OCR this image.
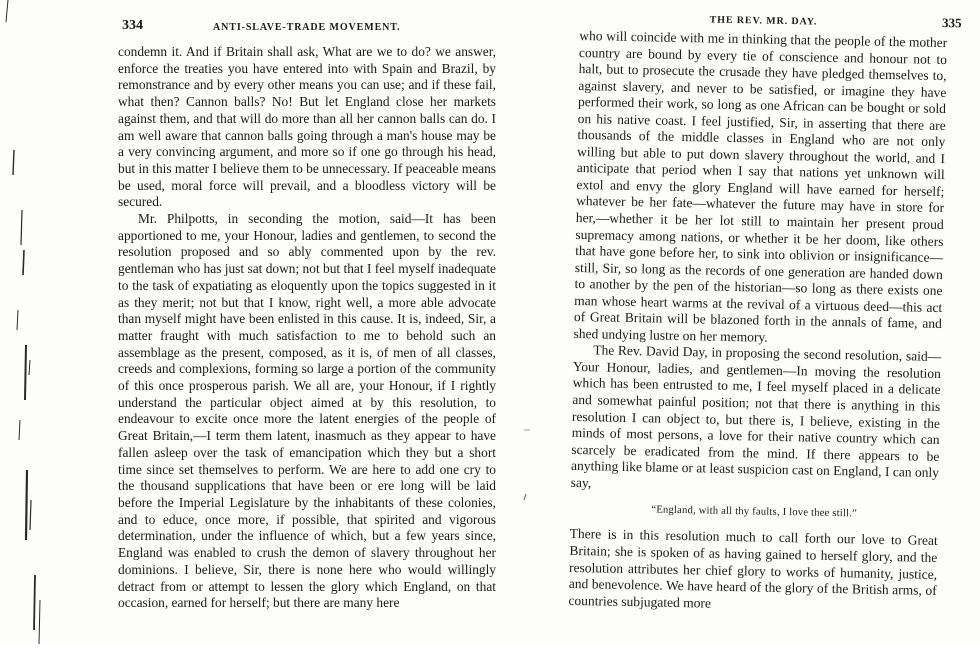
334	ANTI-SLAVE-TRADE MOVEMENT.

condemn it. And if Britain shall ask, What are we to do? we answer, enforce the treaties you have entered into with Spain and Brazil, by remonstrance and by every other means you can use; and if these fail, what then? Cannon balls? No! But let England close her markets against them, and that will do more than all her cannon balls can do. I am well aware that cannon balls going through a man's house may be a very convincing argument, and more so if one go through his head, but in this matter I believe them to be unnecessary. If peaceable means be used, moral force will prevail, and a bloodless victory will be secured.

Mr. Philpotts, in seconding the motion, said—It has been apportioned to me, your Honour, ladies and gentlemen, to second the resolution proposed and so ably commented upon by the rev. gentleman who has just sat down; not but that I feel myself inadequate to the task of expatiating as eloquently upon the topics suggested in it as they merit; not but that I know, right well, a more able advocate than myself might have been enlisted in this cause. It is, indeed, Sir, a matter fraught with much satisfaction to me to behold such an assemblage as the present, composed, as it is, of men of all classes, creeds and complexions, forming so large a portion of the community of this once prosperous parish. We all are, your Honour, if I rightly understand the particular object aimed at by this resolution, to endeavour to excite once more the latent energies of the people of Great Britain,—I term them latent, inasmuch as they appear to have fallen asleep over the task of emancipation which they but a short time since set themselves to perform. We are here to add one cry to the thousand supplications that have been or ere long will be laid before the Imperial Legislature by the inhabitants of these colonies, and to educe, once more, if possible, that spirited and vigorous determination, under the influence of which, but a few years since, England was enabled to crush the demon of slavery throughout her dominions. I believe, Sir, there is none here who would willingly detract from or attempt to lessen the glory which England, on that occasion, earned for herself; but there are many here

THE REV. MR. DAY.	335

who will coincide with me in thinking that the people of the mother country are bound by every tie of conscience and honour not to halt, but to prosecute the crusade they have pledged themselves to, against slavery, and never to be satisfied, or imagine they have performed their work, so long as one African can be bought or sold on his native coast. I feel justified, Sir, in asserting that there are thousands of the middle classes in England who are not only willing but able to put down slavery throughout the world, and I anticipate that period when I say that nations yet unknown will extol and envy the glory England will have earned for herself; whatever be her fate—whatever the future may have in store for her,—whether it be her lot still to maintain her present proud supremacy among nations, or whether it be her doom, like others that have gone before her, to sink into oblivion or insignificance—still, Sir, so long as the records of one generation are handed down to another by the pen of the historian—so long as there exists one man whose heart warms at the revival of a virtuous deed—this act of Great Britain will be blazoned forth in the annals of fame, and shed undying lustre on her memory.

The Rev. David Day, in proposing the second resolution, said—Your Honour, ladies, and gentlemen—In moving the resolution which has been entrusted to me, I feel myself placed in a delicate and somewhat painful position; not that there is anything in this resolution I can object to, but there is, I believe, existing in the minds of most persons, a love for their native country which can scarcely be eradicated from the mind. If there appears to be anything like blame or at least suspicion cast on England, I can only say,

“England, with all thy faults, I love thee still.”
There is in this resolution much to call forth our love to Great Britain; she is spoken of as having gained to herself glory, and the resolution attributes her chief glory to works of humanity, justice, and benevolence. We have heard of the glory of the British arms, of countries subjugated more
